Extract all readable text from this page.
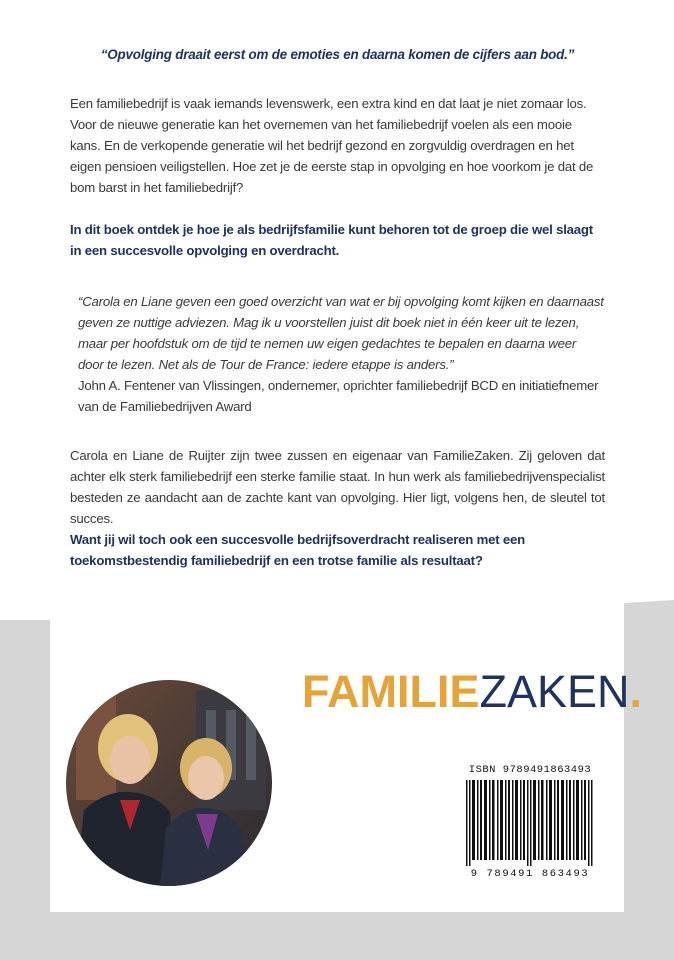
“Opvolging draait eerst om de emoties en daarna komen de cijfers aan bod.”

Een familiebedrijf is vaak iemands levenswerk, een extra kind en dat laat je niet zomaar los. Voor de nieuwe generatie kan het overnemen van het familiebedrijf voelen als een mooie kans. En de verkopende generatie wil het bedrijf gezond en zorgvuldig overdragen en het eigen pensioen veiligstellen. Hoe zet je de eerste stap in opvolging en hoe voorkom je dat de bom barst in het familiebedrijf?

In dit boek ontdek je hoe je als bedrijfsfamilie kunt behoren tot de groep die wel slaagt in een succesvolle opvolging en overdracht.

“Carola en Liane geven een goed overzicht van wat er bij opvolging komt kijken en daarnaast geven ze nuttige adviezen. Mag ik u voorstellen juist dit boek niet in één keer uit te lezen, maar per hoofdstuk om de tijd te nemen uw eigen gedachtes te bepalen en daarna weer door te lezen. Net als de Tour de France: iedere etappe is anders.”

John A. Fentener van Vlissingen, ondernemer, oprichter familiebedrijf BCD en initiatiefnemer van de Familiebedrijven Award

Carola en Liane de Ruijter zijn twee zussen en eigenaar van FamilieZaken. Zij geloven dat achter elk sterk familiebedrijf een sterke familie staat. In hun werk als familiebedrijvenspecialist besteden ze aandacht aan de zachte kant van opvolging. Hier ligt, volgens hen, de sleutel tot succes.

Want jij wil toch ook een succesvolle bedrijfsoverdracht realiseren met een toekomstbestendig familiebedrijf en een trotse familie als resultaat?

FAMILIEZAKEN.
ISBN 9789491863493
9 789491 863493
